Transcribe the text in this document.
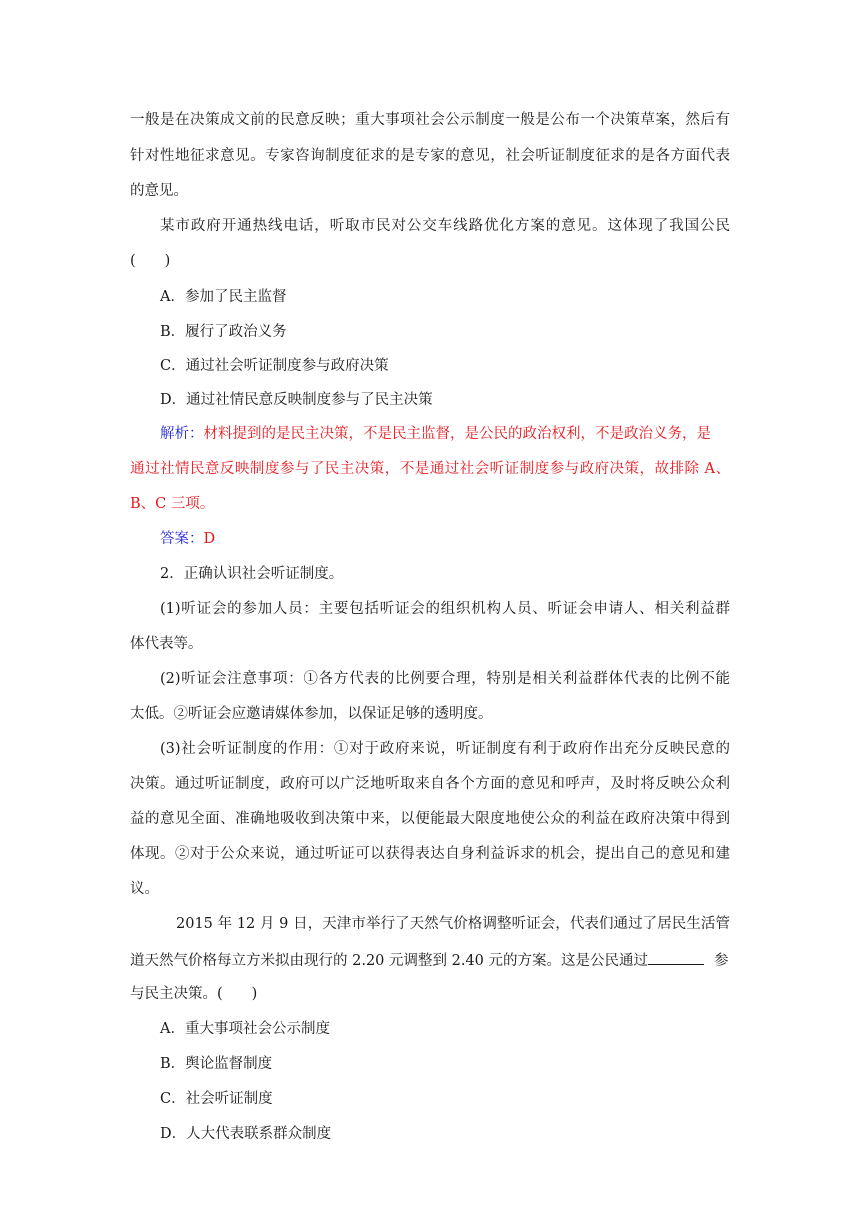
一般是在决策成文前的民意反映；重大事项社会公示制度一般是公布一个决策草案，然后有
针对性地征求意见。专家咨询制度征求的是专家的意见，社会听证制度征求的是各方面代表
的意见。
某市政府开通热线电话，听取市民对公交车线路优化方案的意见。这体现了我国公民
(　　)
A．参加了民主监督
B．履行了政治义务
C．通过社会听证制度参与政府决策
D．通过社情民意反映制度参与了民主决策
解析：材料提到的是民主决策，不是民主监督，是公民的政治权利，不是政治义务，是
通过社情民意反映制度参与了民主决策，不是通过社会听证制度参与政府决策，故排除 A、
B、C 三项。
答案：D
2．正确认识社会听证制度。
(1)听证会的参加人员：主要包括听证会的组织机构人员、听证会申请人、相关利益群
体代表等。
(2)听证会注意事项：①各方代表的比例要合理，特别是相关利益群体代表的比例不能
太低。②听证会应邀请媒体参加，以保证足够的透明度。
(3)社会听证制度的作用：①对于政府来说，听证制度有利于政府作出充分反映民意的
决策。通过听证制度，政府可以广泛地听取来自各个方面的意见和呼声，及时将反映公众利
益的意见全面、准确地吸收到决策中来，以便能最大限度地使公众的利益在政府决策中得到
体现。②对于公众来说，通过听证可以获得表达自身利益诉求的机会，提出自己的意见和建
议。
2015 年 12 月 9 日，天津市举行了天然气价格调整听证会，代表们通过了居民生活管
道天然气价格每立方米拟由现行的 2.20 元调整到 2.40 元的方案。这是公民通过	参
与民主决策。(　　)
A．重大事项社会公示制度
B．舆论监督制度
C．社会听证制度
D．人大代表联系群众制度
